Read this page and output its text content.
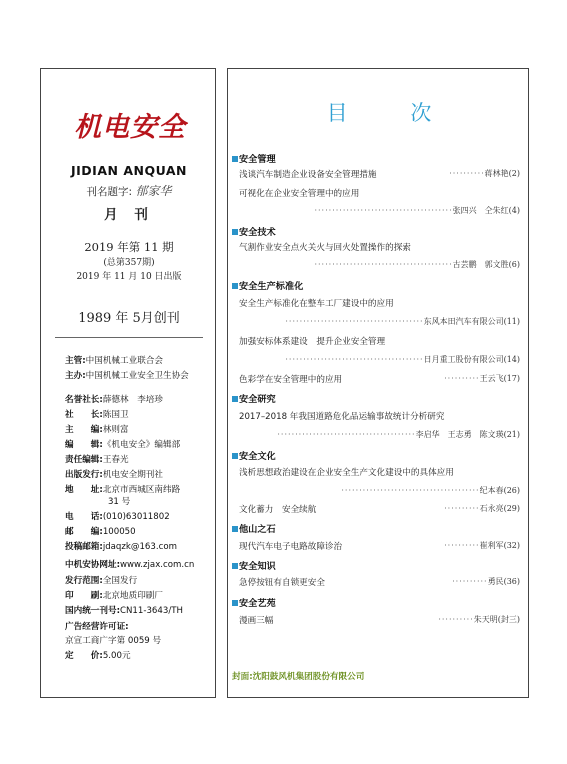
机电安全
JIDIAN ANQUAN
刊名题字: 郁家华
月 刊
2019 年第 11 期
(总第357期)
2019 年 11 月 10 日出版
1989 年 5月创刊
主管:中国机械工业联合会
主办:中国机械工业安全卫生协会
名誉社长:薛德林　李培珍
社　　长:陈国卫
主　　编:林则富
编　　辑:《机电安全》编辑部
责任编辑:王春光
出版发行:机电安全期刊社
地　　址:北京市西城区南纬路
　　　　　31 号
电　　话:(010)63011802
邮　　编:100050
投稿邮箱:jdaqzk@163.com
中机安协网址:www.zjax.com.cn
发行范围:全国发行
印　　刷:北京地质印刷厂
国内统一刊号:CN11-3643/TH
广告经营许可证:
京宣工商广字第 0059 号
定　　价:5.00元
目 次
安全管理
浅谈汽车制造企业设备安全管理措施	··········蒋林艳(2)
可视化在企业安全管理中的应用
·······································张四兴　仝朱红(4)
安全技术
气割作业安全点火关火与回火处置操作的探索
·······································古芸鹏　郭文胜(6)
安全生产标准化
安全生产标准化在整车工厂建设中的应用
·······································东风本田汽车有限公司(11)
加强安标体系建设　提升企业安全管理
·······································日月重工股份有限公司(14)
色彩学在安全管理中的应用	··········王云飞(17)
安全研究
2017–2018 年我国道路危化品运输事故统计分析研究
·······································李启华　王志勇　陈文瑛(21)
安全文化
浅析思想政治建设在企业安全生产文化建设中的具体应用
·······································纪本春(26)
文化蓄力　安全续航	··········石永亮(29)
他山之石
现代汽车电子电路故障诊治	··········崔利军(32)
安全知识
急停按钮有自锁更安全	··········勇民(36)
安全艺苑
漫画三幅	··········朱天明(封三)
封面:沈阳鼓风机集团股份有限公司
